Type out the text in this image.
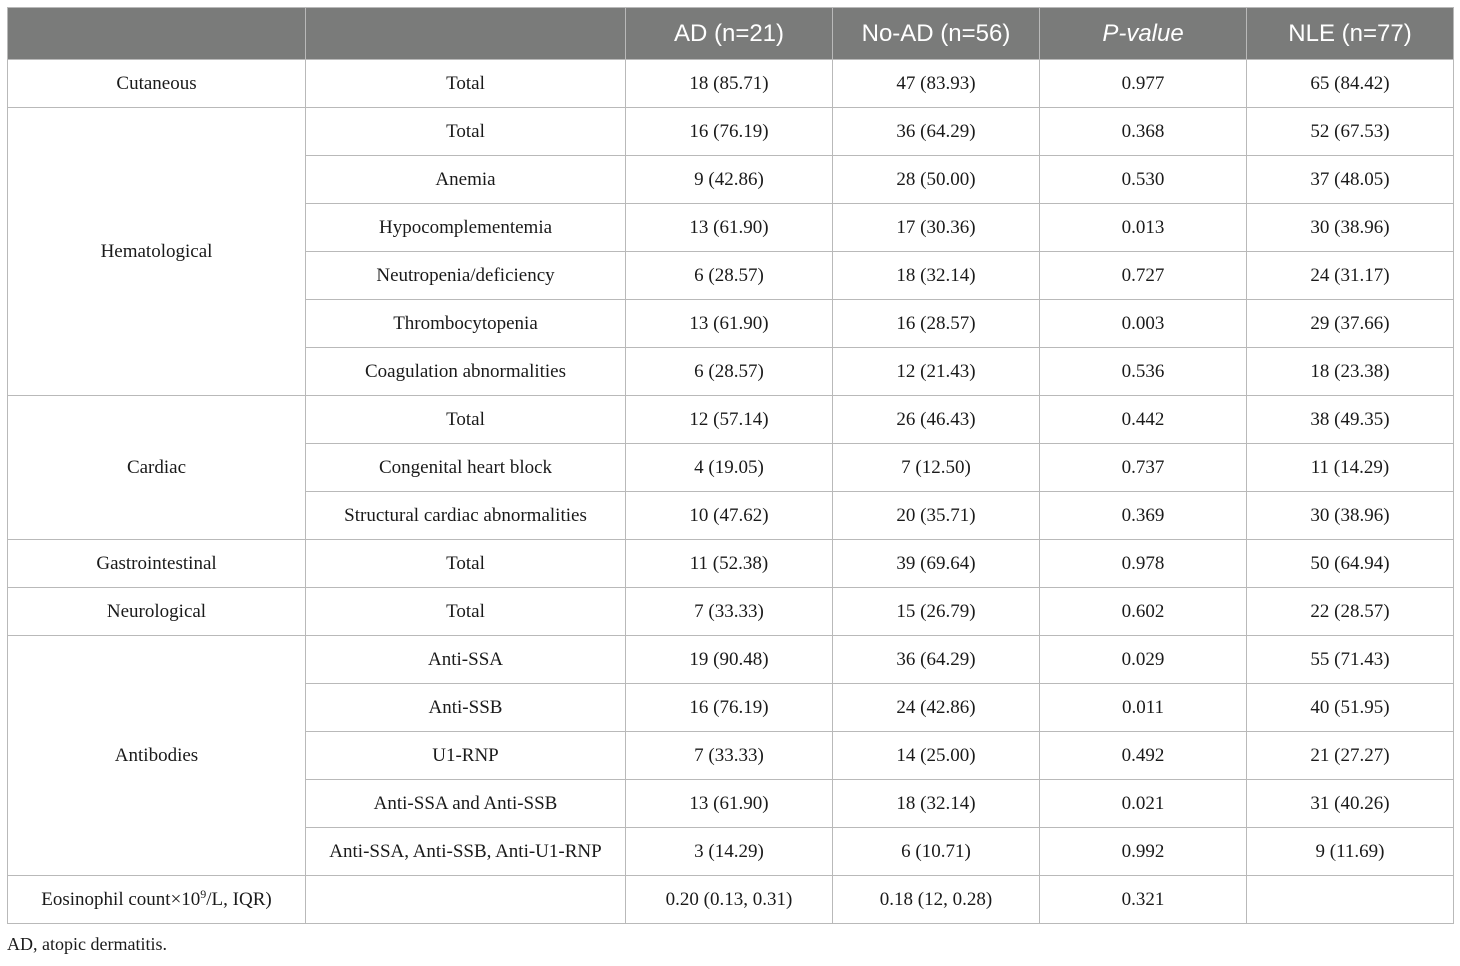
		AD (n=21)	No-AD (n=56)	P-value	NLE (n=77)
Cutaneous	Total	18 (85.71)	47 (83.93)	0.977	65 (84.42)
Hematological	Total	16 (76.19)	36 (64.29)	0.368	52 (67.53)
	Anemia	9 (42.86)	28 (50.00)	0.530	37 (48.05)
	Hypocomplementemia	13 (61.90)	17 (30.36)	0.013	30 (38.96)
	Neutropenia/deficiency	6 (28.57)	18 (32.14)	0.727	24 (31.17)
	Thrombocytopenia	13 (61.90)	16 (28.57)	0.003	29 (37.66)
	Coagulation abnormalities	6 (28.57)	12 (21.43)	0.536	18 (23.38)
Cardiac	Total	12 (57.14)	26 (46.43)	0.442	38 (49.35)
	Congenital heart block	4 (19.05)	7 (12.50)	0.737	11 (14.29)
	Structural cardiac abnormalities	10 (47.62)	20 (35.71)	0.369	30 (38.96)
Gastrointestinal	Total	11 (52.38)	39 (69.64)	0.978	50 (64.94)
Neurological	Total	7 (33.33)	15 (26.79)	0.602	22 (28.57)
Antibodies	Anti-SSA	19 (90.48)	36 (64.29)	0.029	55 (71.43)
	Anti-SSB	16 (76.19)	24 (42.86)	0.011	40 (51.95)
	U1-RNP	7 (33.33)	14 (25.00)	0.492	21 (27.27)
	Anti-SSA and Anti-SSB	13 (61.90)	18 (32.14)	0.021	31 (40.26)
	Anti-SSA, Anti-SSB, Anti-U1-RNP	3 (14.29)	6 (10.71)	0.992	9 (11.69)
Eosinophil $count\times 10^9/L$, IQR)		0.20 (0.13, 0.31)	0.18 (12, 0.28)	0.321	
AD, atopic dermatitis.
